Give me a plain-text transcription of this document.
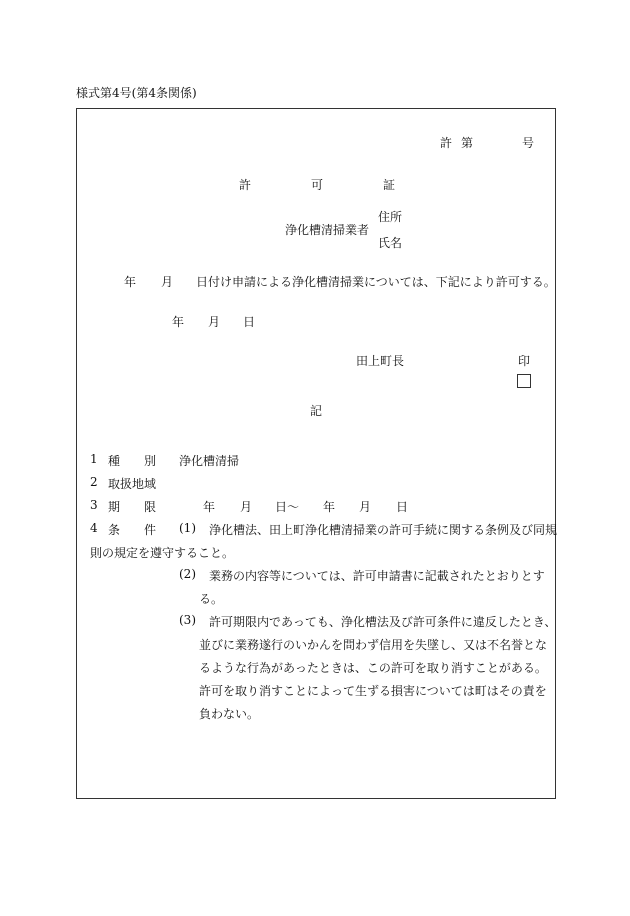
様式第4号(第4条関係)
許 第	号
許	可	証
浄化槽清掃業者
住所
氏名
年 月 日付け申請による浄化槽清掃業については、下記により許可する。
年 月 日
田上町長	印
記
1 種 別 浄化槽清掃
2 取扱地域
3 期 限	年 月 日～ 年 月 日
4 条 件 (1) 浄化槽法、田上町浄化槽清掃業の許可手続に関する条例及び同規
則の規定を遵守すること。
(2) 業務の内容等については、許可申請書に記載されたとおりとす
る。
(3) 許可期限内であっても、浄化槽法及び許可条件に違反したとき、
並びに業務遂行のいかんを問わず信用を失墜し、又は不名誉とな
るような行為があったときは、この許可を取り消すことがある。
許可を取り消すことによって生ずる損害については町はその責を
負わない。
